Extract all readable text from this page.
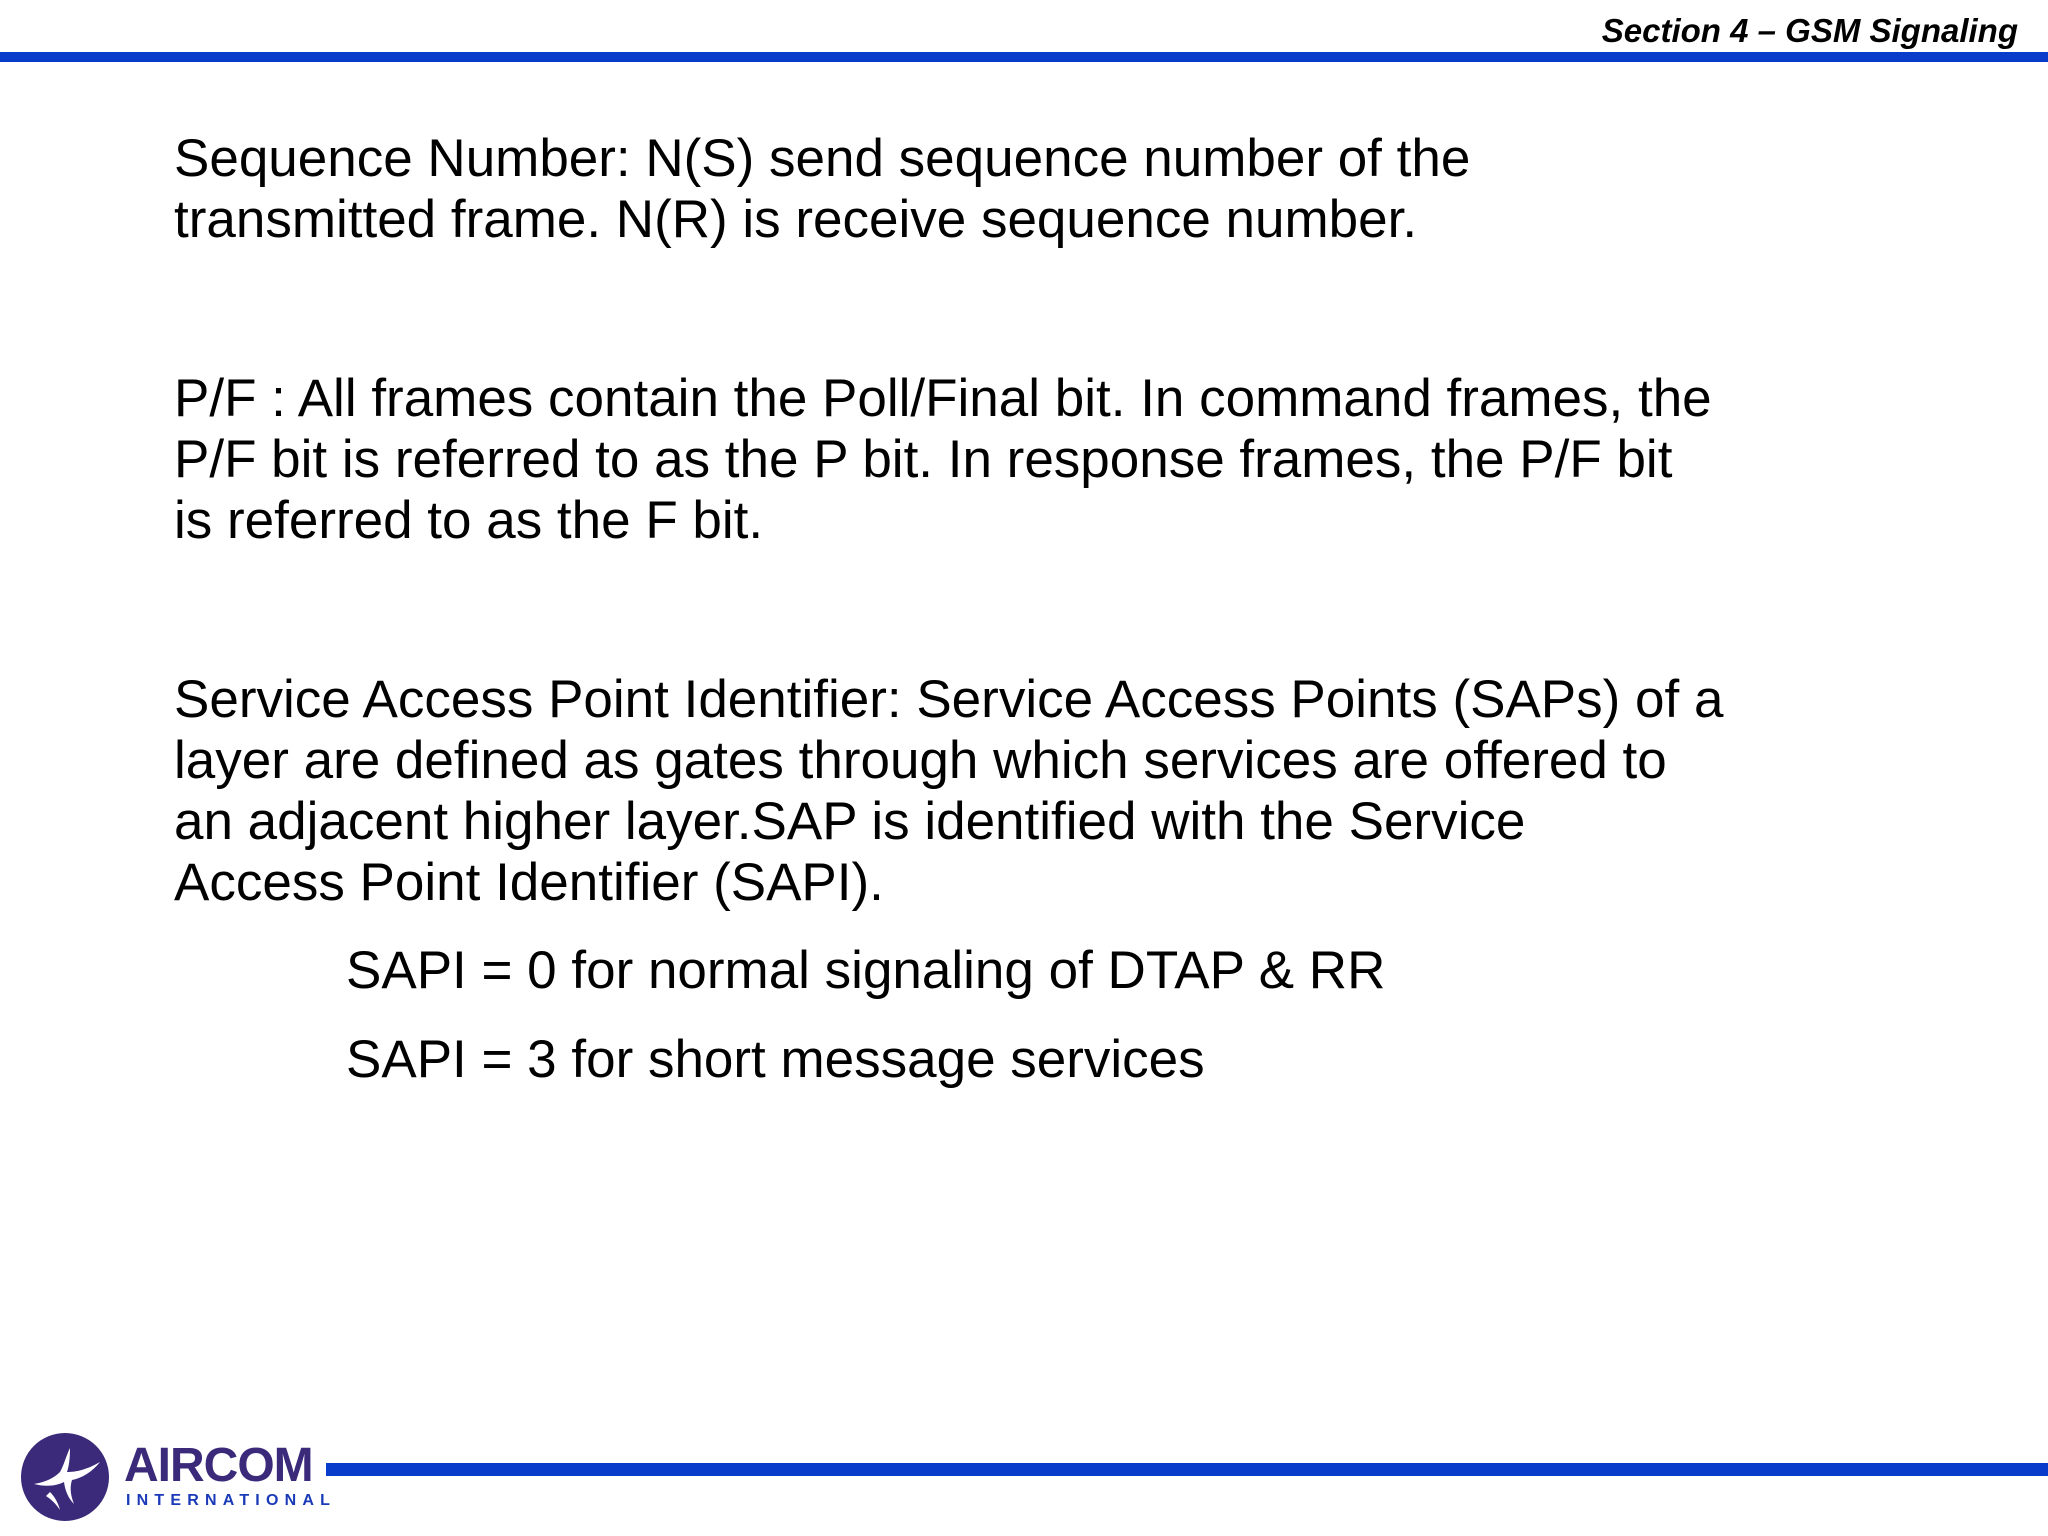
Section 4 – GSM Signaling

Sequence Number: N(S) send sequence number of the
transmitted frame. N(R) is receive sequence number.

P/F : All frames contain the Poll/Final bit. In command frames, the
P/F bit is referred to as the P bit. In response frames, the P/F bit
is referred to as the F bit.

Service Access Point Identifier: Service Access Points (SAPs) of a
layer are defined as gates through which services are offered to
an adjacent higher layer.SAP is identified with the Service
Access Point Identifier (SAPI).

SAPI = 0 for normal signaling of DTAP & RR
SAPI = 3 for short message services
AIRCOM
INTERNATIONAL
